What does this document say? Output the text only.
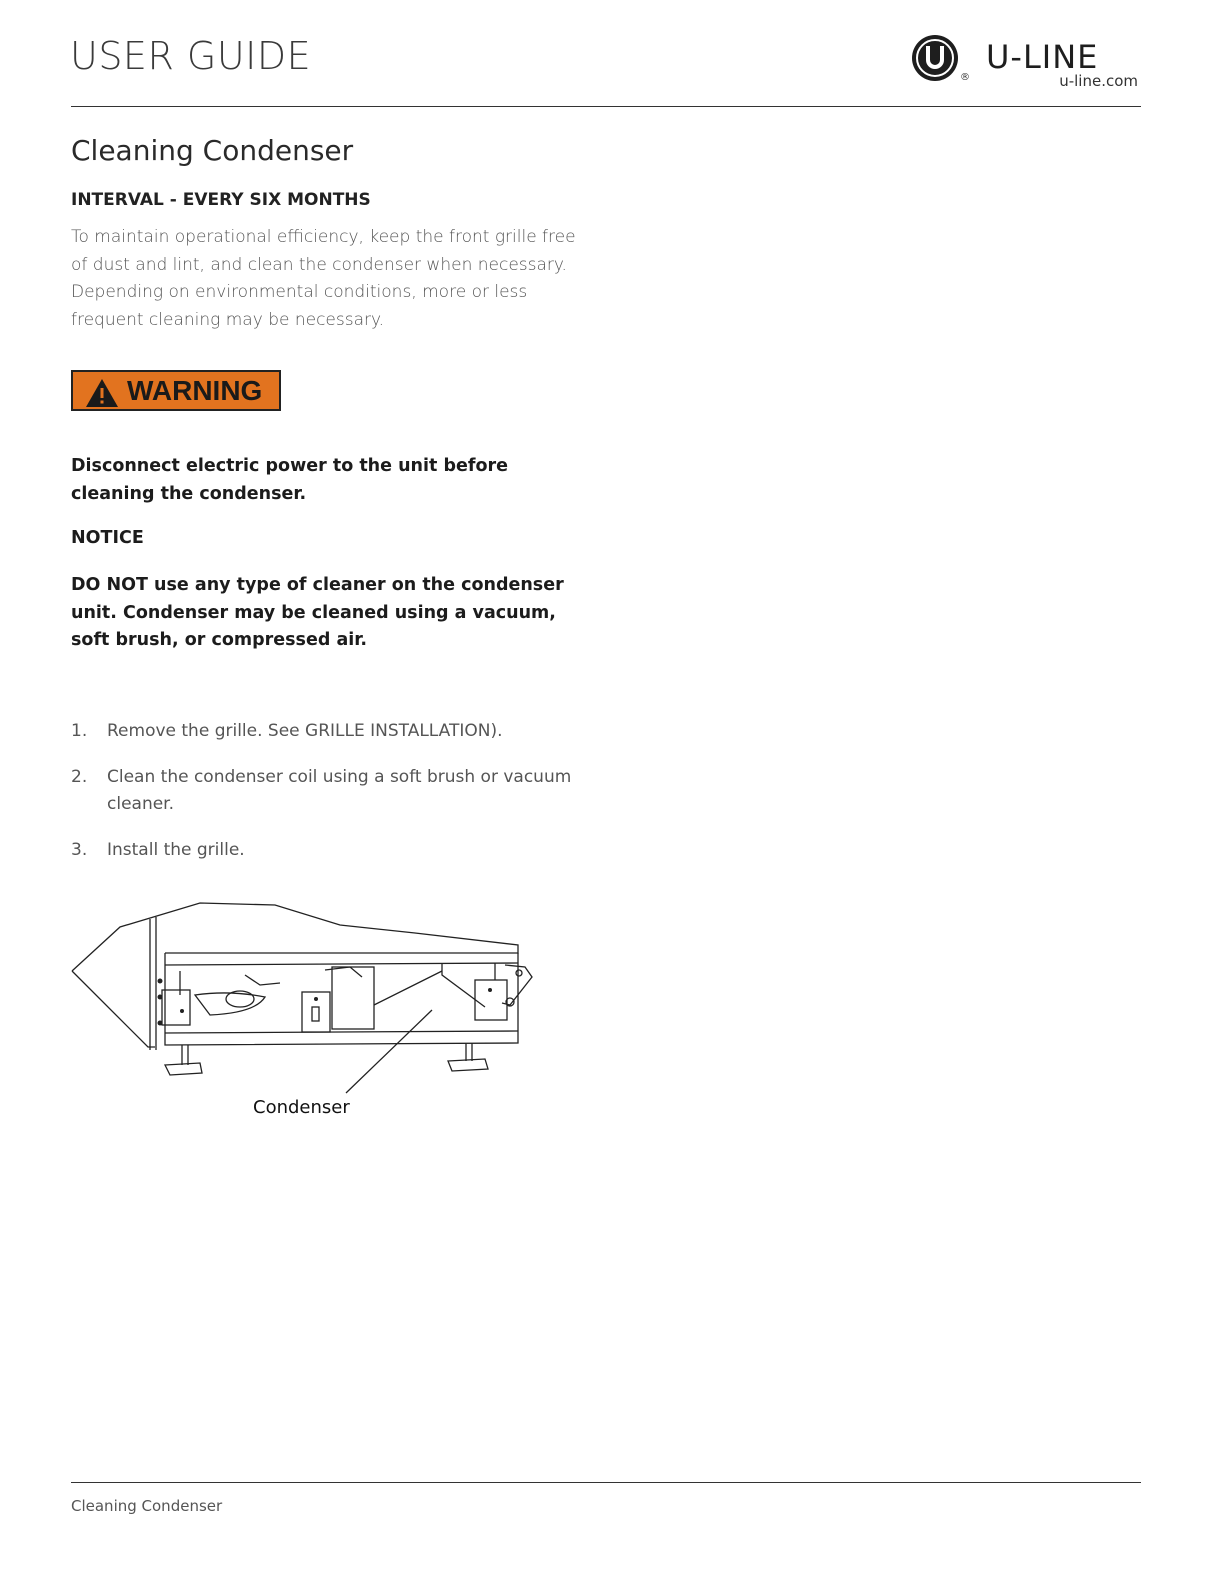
USER GUIDE	®
U-LINE
u-line.com
Cleaning Condenser
INTERVAL - EVERY SIX MONTHS

To maintain operational efficiency, keep the front grille free of dust and lint, and clean the condenser when necessary. Depending on environmental conditions, more or less frequent cleaning may be necessary.

WARNING

Disconnect electric power to the unit before cleaning the condenser.

NOTICE

DO NOT use any type of cleaner on the condenser unit. Condenser may be cleaned using a vacuum, soft brush, or compressed air.

1. Remove the grille. See GRILLE INSTALLATION).
2. Clean the condenser coil using a soft brush or vacuum cleaner.
3. Install the grille.
Condenser
Cleaning Condenser
